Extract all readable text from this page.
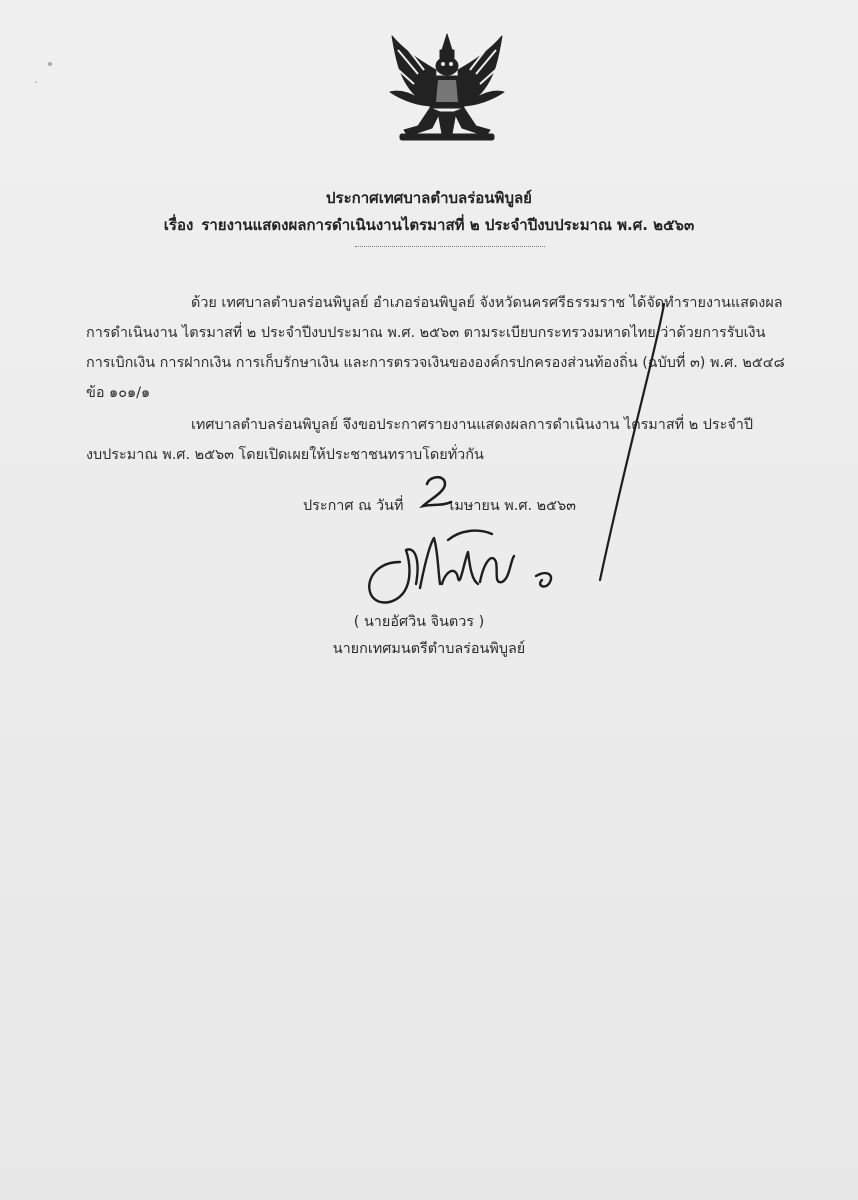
ประกาศเทศบาลตำบลร่อนพิบูลย์
เรื่อง รายงานแสดงผลการดำเนินงานไตรมาสที่ ๒ ประจำปีงบประมาณ พ.ศ. ๒๕๖๓
ด้วย เทศบาลตำบลร่อนพิบูลย์ อำเภอร่อนพิบูลย์ จังหวัดนครศรีธรรมราช ได้จัดทำรายงานแสดงผล
การดำเนินงาน ไตรมาสที่ ๒ ประจำปีงบประมาณ พ.ศ. ๒๕๖๓ ตามระเบียบกระทรวงมหาดไทย ว่าด้วยการรับเงิน
การเบิกเงิน การฝากเงิน การเก็บรักษาเงิน และการตรวจเงินขององค์กรปกครองส่วนท้องถิ่น (ฉบับที่ ๓) พ.ศ. ๒๕๔๘
ข้อ ๑๐๑/๑
เทศบาลตำบลร่อนพิบูลย์ จึงขอประกาศรายงานแสดงผลการดำเนินงาน ไตรมาสที่ ๒ ประจำปี
งบประมาณ พ.ศ. ๒๕๖๓ โดยเปิดเผยให้ประชาชนทราบโดยทั่วกัน
ประกาศ ณ วันที่	เมษายน พ.ศ. ๒๕๖๓
( นายอัศวิน จินตวร )
นายกเทศมนตรีตำบลร่อนพิบูลย์
